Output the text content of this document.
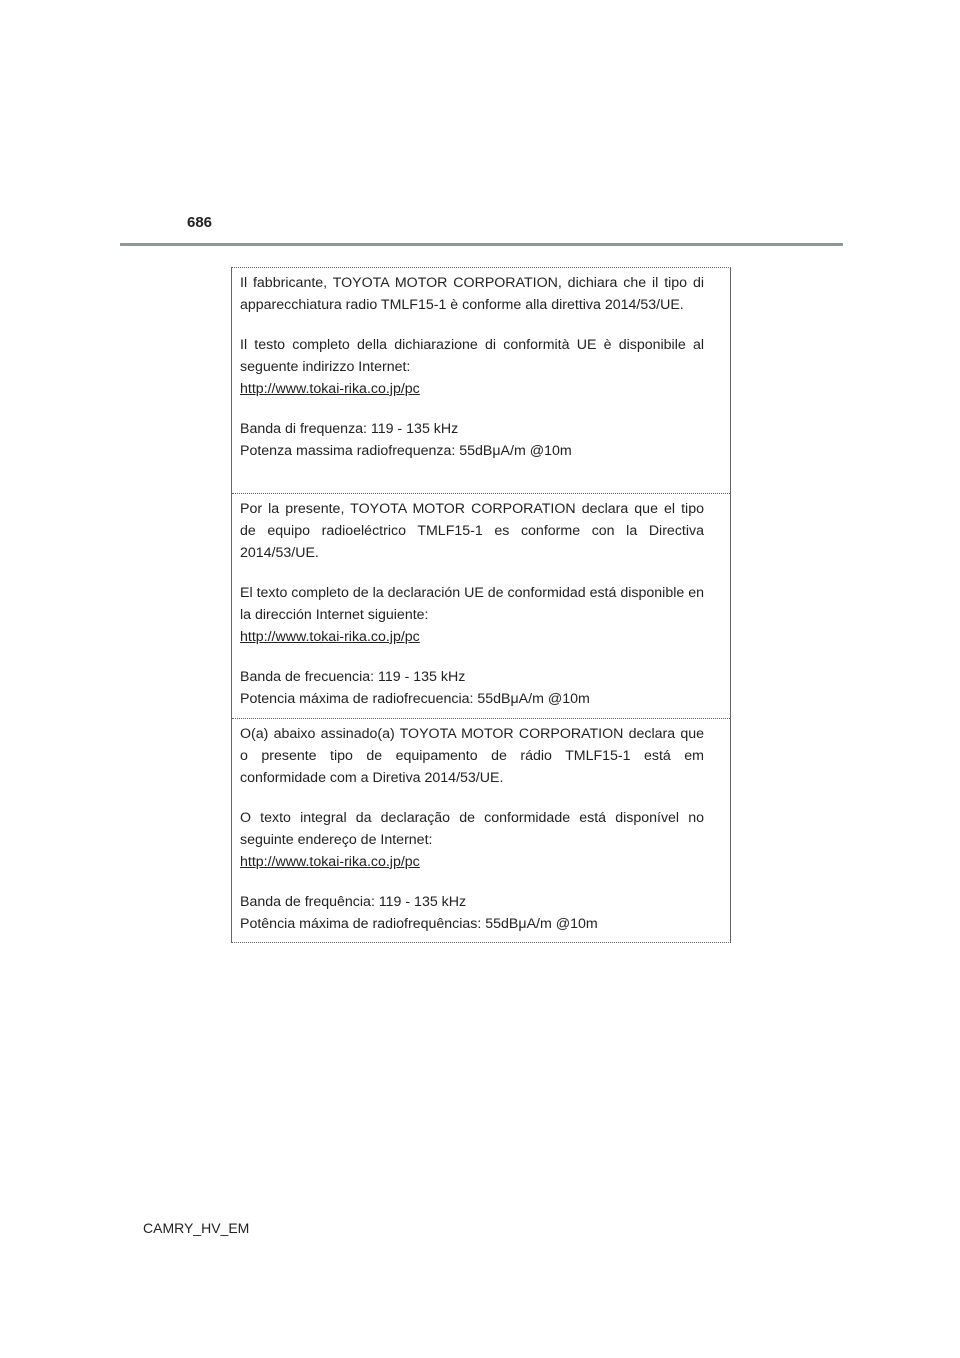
686

Il fabbricante, TOYOTA MOTOR CORPORATION, dichiara che il tipo di apparecchiatura radio TMLF15-1 è conforme alla direttiva 2014/53/UE.

Il testo completo della dichiarazione di conformità UE è disponibile al seguente indirizzo Internet:
http://www.tokai-rika.co.jp/pc

Banda di frequenza: 119 - 135 kHz
Potenza massima radiofrequenza: 55dBμA/m @10m

Por la presente, TOYOTA MOTOR CORPORATION declara que el tipo de equipo radioeléctrico TMLF15-1 es conforme con la Directiva 2014/53/UE.

El texto completo de la declaración UE de conformidad está disponible en la dirección Internet siguiente:
http://www.tokai-rika.co.jp/pc

Banda de frecuencia: 119 - 135 kHz
Potencia máxima de radiofrecuencia: 55dBμA/m @10m

O(a) abaixo assinado(a) TOYOTA MOTOR CORPORATION declara que o presente tipo de equipamento de rádio TMLF15-1 está em conformidade com a Diretiva 2014/53/UE.

O texto integral da declaração de conformidade está disponível no seguinte endereço de Internet:
http://www.tokai-rika.co.jp/pc

Banda de frequência: 119 - 135 kHz
Potência máxima de radiofrequências: 55dBμA/m @10m

CAMRY_HV_EM
